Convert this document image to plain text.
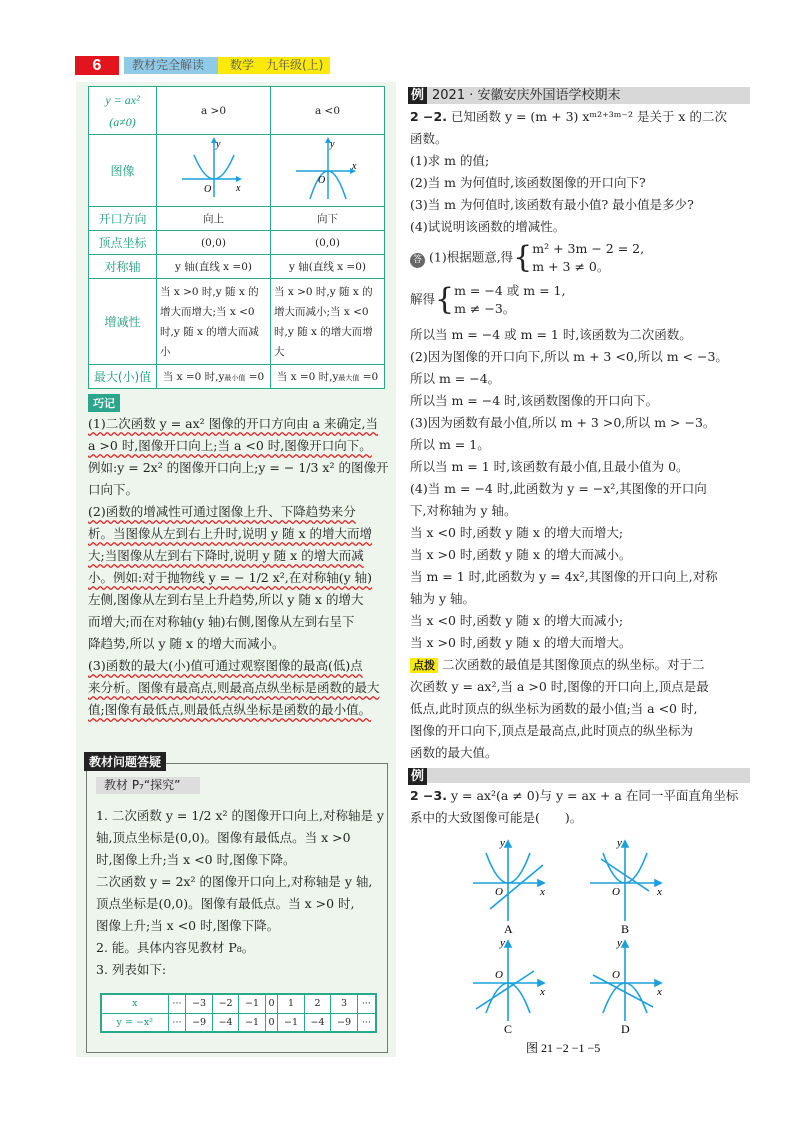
6	教材完全解读	数学　九年级(上)
y = ax²
(a≠0)	a >0	a <0
图像	y
x
O	y
x
O

开口方向	向上	向下
顶点坐标	(0,0)	(0,0)
对称轴	y 轴(直线 x =0)	y 轴(直线 x =0)
增减性	当 x >0 时,y 随 x 的增大而增大;当 x <0 时,y 随 x 的增大而减小	当 x >0 时,y 随 x 的增大而减小;当 x <0 时,y 随 x 的增大而增大
最大(小)值	当 x =0 时,y最小值 =0	当 x =0 时,y最大值 =0
巧记
(1)二次函数 y = ax² 图像的开口方向由 a 来确定,当
a >0 时,图像开口向上;当 a <0 时,图像开口向下。
例如:y = 2x² 的图像开口向上;y = − 1/3 x² 的图像开
口向下。
(2)函数的增减性可通过图像上升、下降趋势来分
析。当图像从左到右上升时,说明 y 随 x 的增大而增
大;当图像从左到右下降时,说明 y 随 x 的增大而减
小。例如:对于抛物线 y = − 1/2 x²,在对称轴(y 轴)
左侧,图像从左到右呈上升趋势,所以 y 随 x 的增大
而增大;而在对称轴(y 轴)右侧,图像从左到右呈下
降趋势,所以 y 随 x 的增大而减小。
(3)函数的最大(小)值可通过观察图像的最高(低)点
来分析。图像有最高点,则最高点纵坐标是函数的最大
值;图像有最低点,则最低点纵坐标是函数的最小值。
教材问题答疑
教材 P₇“探究”
1. 二次函数 y = 1/2 x² 的图像开口向上,对称轴是 y
轴,顶点坐标是(0,0)。图像有最低点。当 x >0
时,图像上升;当 x <0 时,图像下降。
二次函数 y = 2x² 的图像开口向上,对称轴是 y 轴,
顶点坐标是(0,0)。图像有最低点。当 x >0 时,
图像上升;当 x <0 时,图像下降。
2. 能。具体内容见教材 P₈。
3. 列表如下:
x	···	−3	−2	−1	0	1	2	3	···
y = −x²	···	−9	−4	−1	0	−1	−4	−9	···
例 2021 · 安徽安庆外国语学校期末
2 −2. 已知函数 y = (m + 3) xᵐ²⁺³ᵐ⁻² 是关于 x 的二次
函数。
(1)求 m 的值;
(2)当 m 为何值时,该函数图像的开口向下?
(3)当 m 为何值时,该函数有最小值? 最小值是多少?
(4)试说明该函数的增减性。
答 (1)根据题意,得{m² + 3m − 2 = 2,
m + 3 ≠ 0。
解得{m = −4 或 m = 1,
m ≠ −3。
所以当 m = −4 或 m = 1 时,该函数为二次函数。
(2)因为图像的开口向下,所以 m + 3 <0,所以 m < −3。
所以 m = −4。
所以当 m = −4 时,该函数图像的开口向下。
(3)因为函数有最小值,所以 m + 3 >0,所以 m > −3。
所以 m = 1。
所以当 m = 1 时,该函数有最小值,且最小值为 0。
(4)当 m = −4 时,此函数为 y = −x²,其图像的开口向
下,对称轴为 y 轴。
当 x <0 时,函数 y 随 x 的增大而增大;
当 x >0 时,函数 y 随 x 的增大而减小。
当 m = 1 时,此函数为 y = 4x²,其图像的开口向上,对称
轴为 y 轴。
当 x <0 时,函数 y 随 x 的增大而减小;
当 x >0 时,函数 y 随 x 的增大而增大。
点拨 二次函数的最值是其图像顶点的纵坐标。对于二
次函数 y = ax²,当 a >0 时,图像的开口向上,顶点是最
低点,此时顶点的纵坐标为函数的最小值;当 a <0 时,
图像的开口向下,顶点是最高点,此时顶点的纵坐标为
函数的最大值。
例
2 −3. y = ax²(a ≠ 0)与 y = ax + a 在同一平面直角坐标
系中的大致图像可能是(　　)。
y
x
O
y
x
O
y
x
O
y
x
O
A	B
C	D
图 21 −2 −1 −5
